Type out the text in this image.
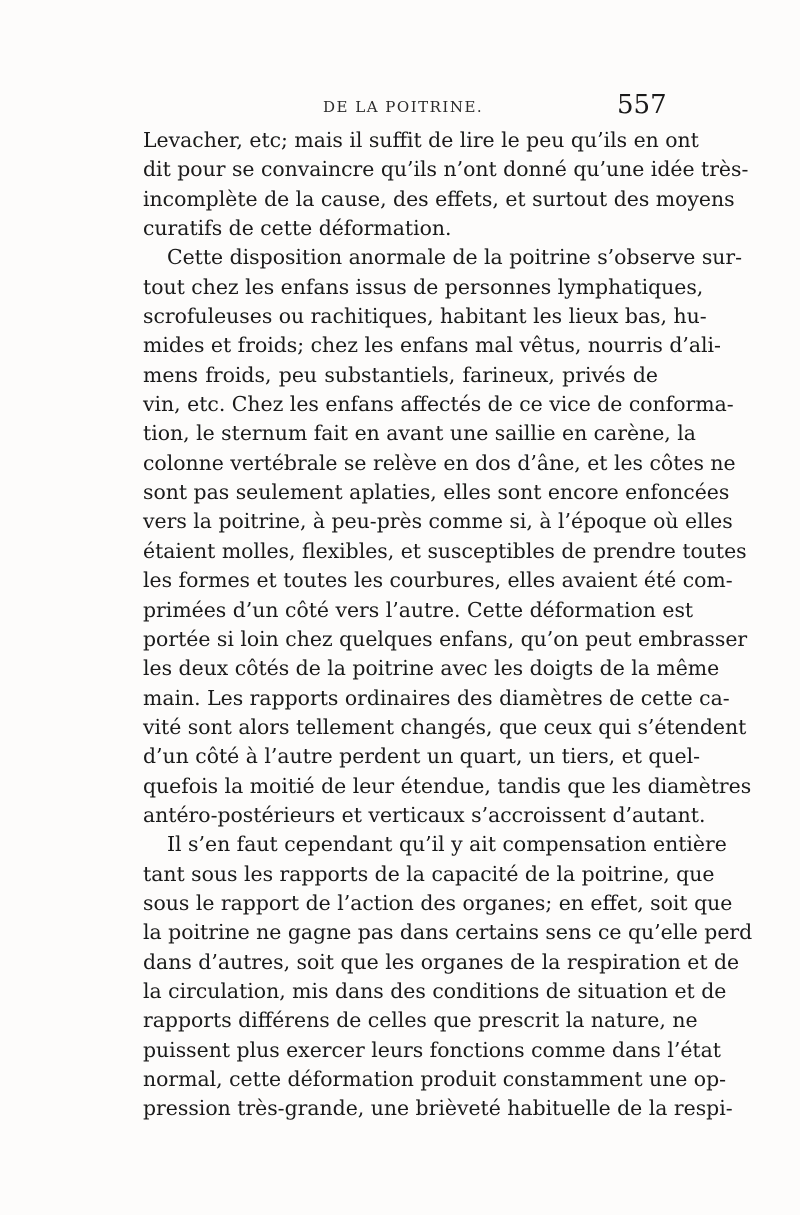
DE LA POITRINE.	557
Levacher, etc; mais il suffit de lire le peu qu’ils en ont
dit pour se convaincre qu’ils n’ont donné qu’une idée très-
incomplète de la cause, des effets, et surtout des moyens
curatifs de cette déformation.
Cette disposition anormale de la poitrine s’observe sur-
tout chez les enfans issus de personnes lymphatiques,
scrofuleuses ou rachitiques, habitant les lieux bas, hu-
mides et froids; chez les enfans mal vêtus, nourris d’ali-
mens froids, peu substantiels, farineux, privés de
vin, etc. Chez les enfans affectés de ce vice de conforma-
tion, le sternum fait en avant une saillie en carène, la
colonne vertébrale se relève en dos d’âne, et les côtes ne
sont pas seulement aplaties, elles sont encore enfoncées
vers la poitrine, à peu-près comme si, à l’époque où elles
étaient molles, flexibles, et susceptibles de prendre toutes
les formes et toutes les courbures, elles avaient été com-
primées d’un côté vers l’autre. Cette déformation est
portée si loin chez quelques enfans, qu’on peut embrasser
les deux côtés de la poitrine avec les doigts de la même
main. Les rapports ordinaires des diamètres de cette ca-
vité sont alors tellement changés, que ceux qui s’étendent
d’un côté à l’autre perdent un quart, un tiers, et quel-
quefois la moitié de leur étendue, tandis que les diamètres
antéro-postérieurs et verticaux s’accroissent d’autant.
Il s’en faut cependant qu’il y ait compensation entière
tant sous les rapports de la capacité de la poitrine, que
sous le rapport de l’action des organes; en effet, soit que
la poitrine ne gagne pas dans certains sens ce qu’elle perd
dans d’autres, soit que les organes de la respiration et de
la circulation, mis dans des conditions de situation et de
rapports différens de celles que prescrit la nature, ne
puissent plus exercer leurs fonctions comme dans l’état
normal, cette déformation produit constamment une op-
pression très-grande, une brièveté habituelle de la respi-
